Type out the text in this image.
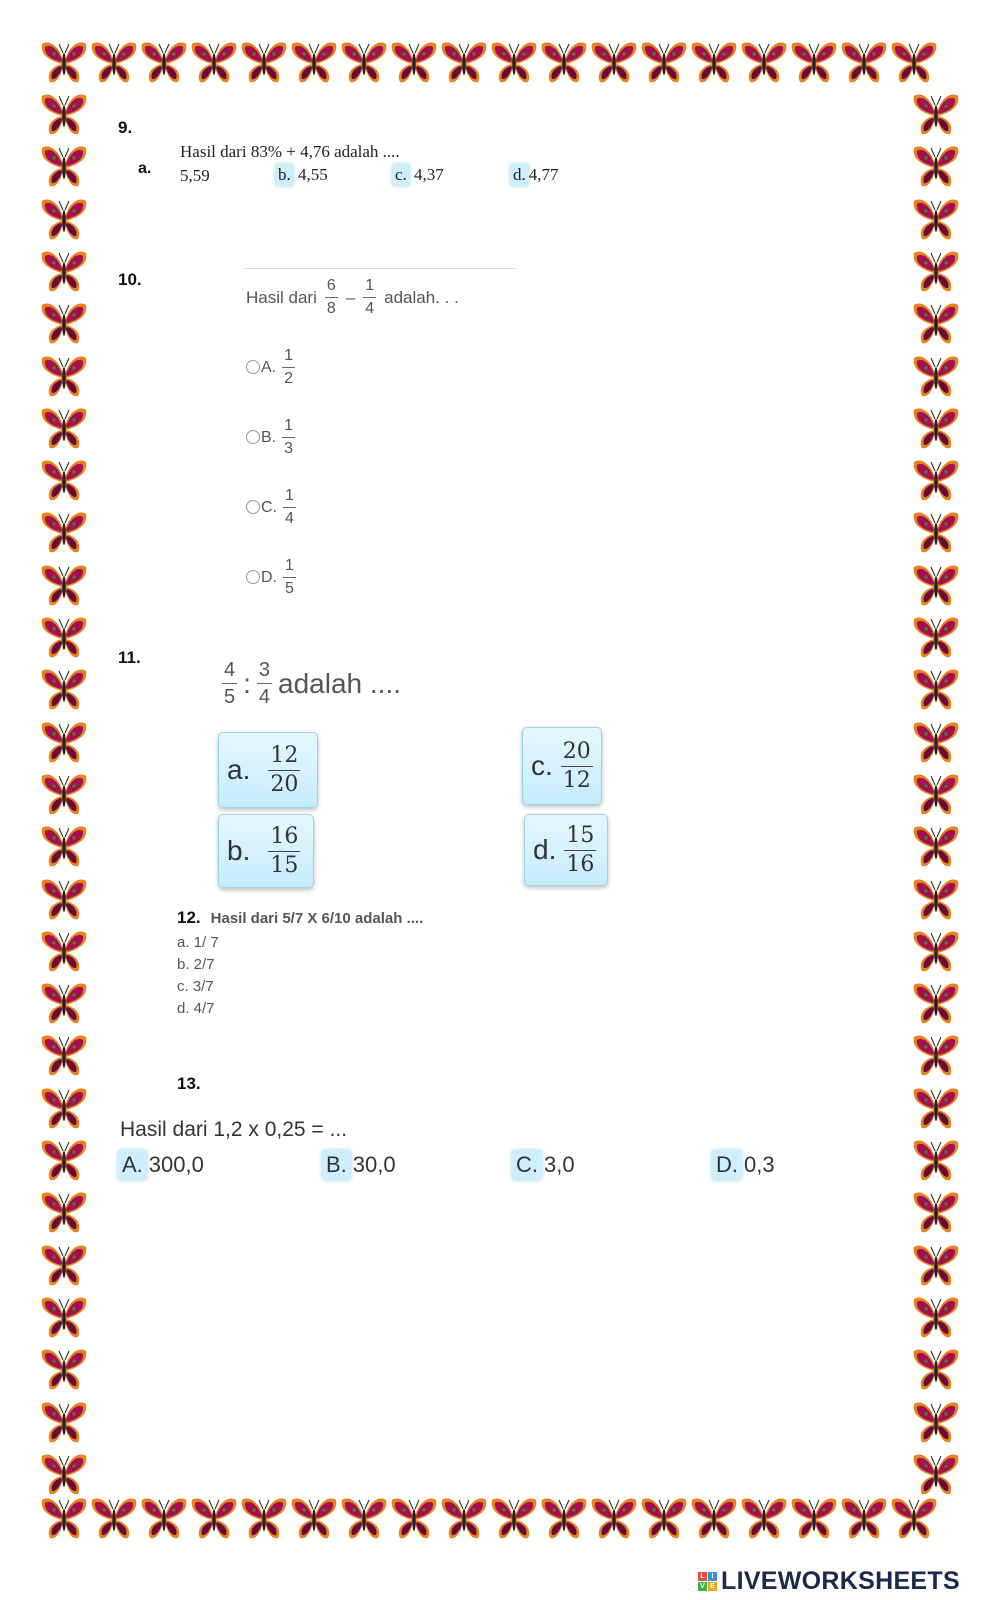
9.
a.
Hasil dari 83% + 4,76 adalah ....
5,59	b. 4,55	c. 4,37	d. 4,77
10.
Hasil dari $\frac{6}{8} - \frac{1}{4}$ adalah. . .
A. $\frac{1}{2}$
B. $\frac{1}{3}$
C. $\frac{1}{4}$
D. $\frac{1}{5}$
11.
$\frac{4}{5}$ : $\frac{3}{4}$ adalah ....
a. $\frac{12}{20}$	c. $\frac{20}{12}$
b. $\frac{16}{15}$	d. $\frac{15}{16}$
12. Hasil dari 5/7 X 6/10 adalah ....
a. 1/ 7
b. 2/7
c. 3/7
d. 4/7
13.
Hasil dari 1,2 x 0,25 = ...
A. 300,0	B. 30,0	C. 3,0	D. 0,3
L I
V E LIVEWORKSHEETS
